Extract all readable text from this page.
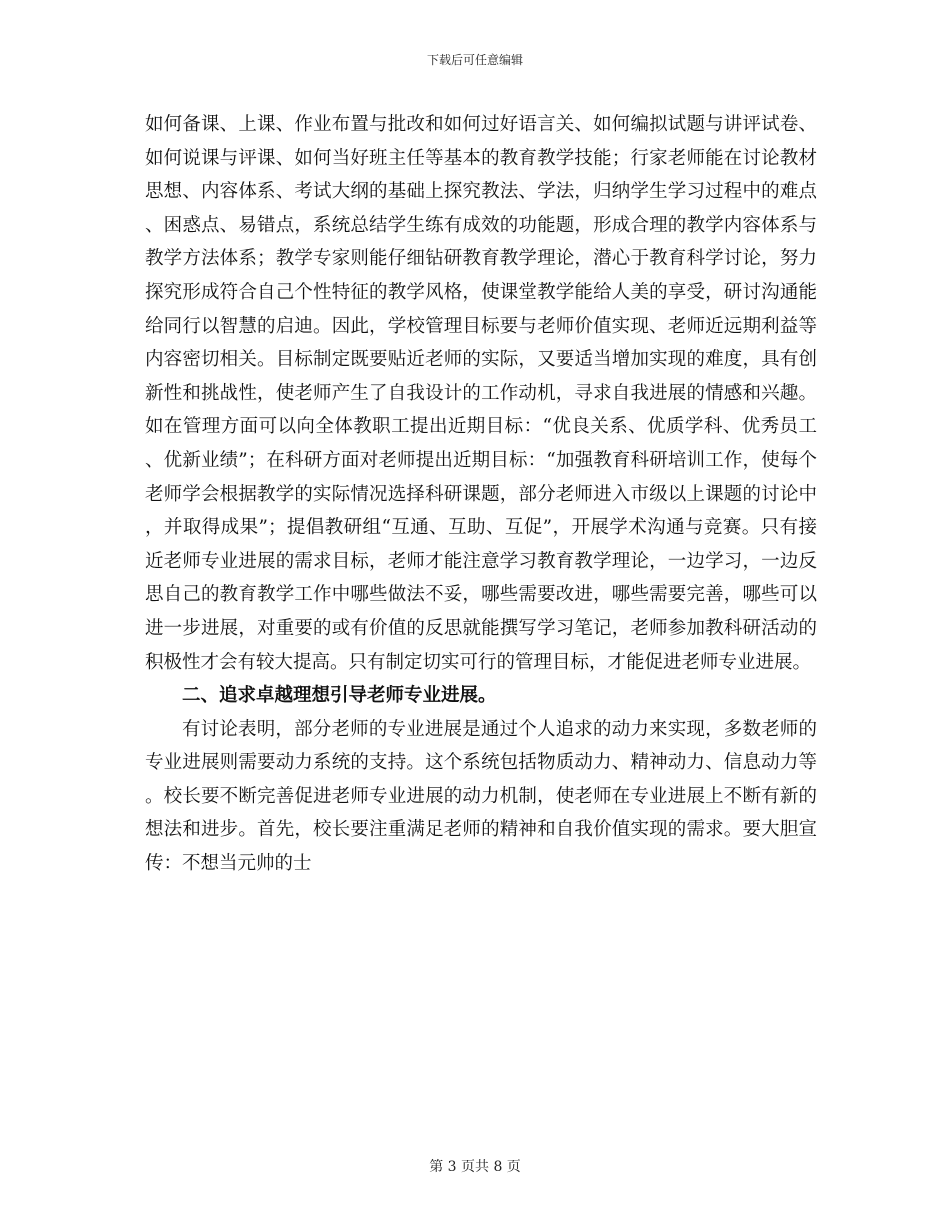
下载后可任意编辑

如何备课、上课、作业布置与批改和如何过好语言关、如何编拟试题与讲评试卷、如何说课与评课、如何当好班主任等基本的教育教学技能；行家老师能在讨论教材思想、内容体系、考试大纲的基础上探究教法、学法，归纳学生学习过程中的难点、困惑点、易错点，系统总结学生练有成效的功能题，形成合理的教学内容体系与教学方法体系；教学专家则能仔细钻研教育教学理论，潜心于教育科学讨论，努力探究形成符合自己个性特征的教学风格，使课堂教学能给人美的享受，研讨沟通能给同行以智慧的启迪。因此，学校管理目标要与老师价值实现、老师近远期利益等内容密切相关。目标制定既要贴近老师的实际，又要适当增加实现的难度，具有创新性和挑战性，使老师产生了自我设计的工作动机，寻求自我进展的情感和兴趣。如在管理方面可以向全体教职工提出近期目标：“优良关系、优质学科、优秀员工、优新业绩”；在科研方面对老师提出近期目标：“加强教育科研培训工作，使每个老师学会根据教学的实际情况选择科研课题，部分老师进入市级以上课题的讨论中，并取得成果”；提倡教研组“互通、互助、互促”，开展学术沟通与竞赛。只有接近老师专业进展的需求目标，老师才能注意学习教育教学理论，一边学习，一边反思自己的教育教学工作中哪些做法不妥，哪些需要改进，哪些需要完善，哪些可以进一步进展，对重要的或有价值的反思就能撰写学习笔记，老师参加教科研活动的积极性才会有较大提高。只有制定切实可行的管理目标，才能促进老师专业进展。

二、追求卓越理想引导老师专业进展。

有讨论表明，部分老师的专业进展是通过个人追求的动力来实现，多数老师的专业进展则需要动力系统的支持。这个系统包括物质动力、精神动力、信息动力等。校长要不断完善促进老师专业进展的动力机制，使老师在专业进展上不断有新的想法和进步。首先，校长要注重满足老师的精神和自我价值实现的需求。要大胆宣传：不想当元帅的士

第 3 页共 8 页
